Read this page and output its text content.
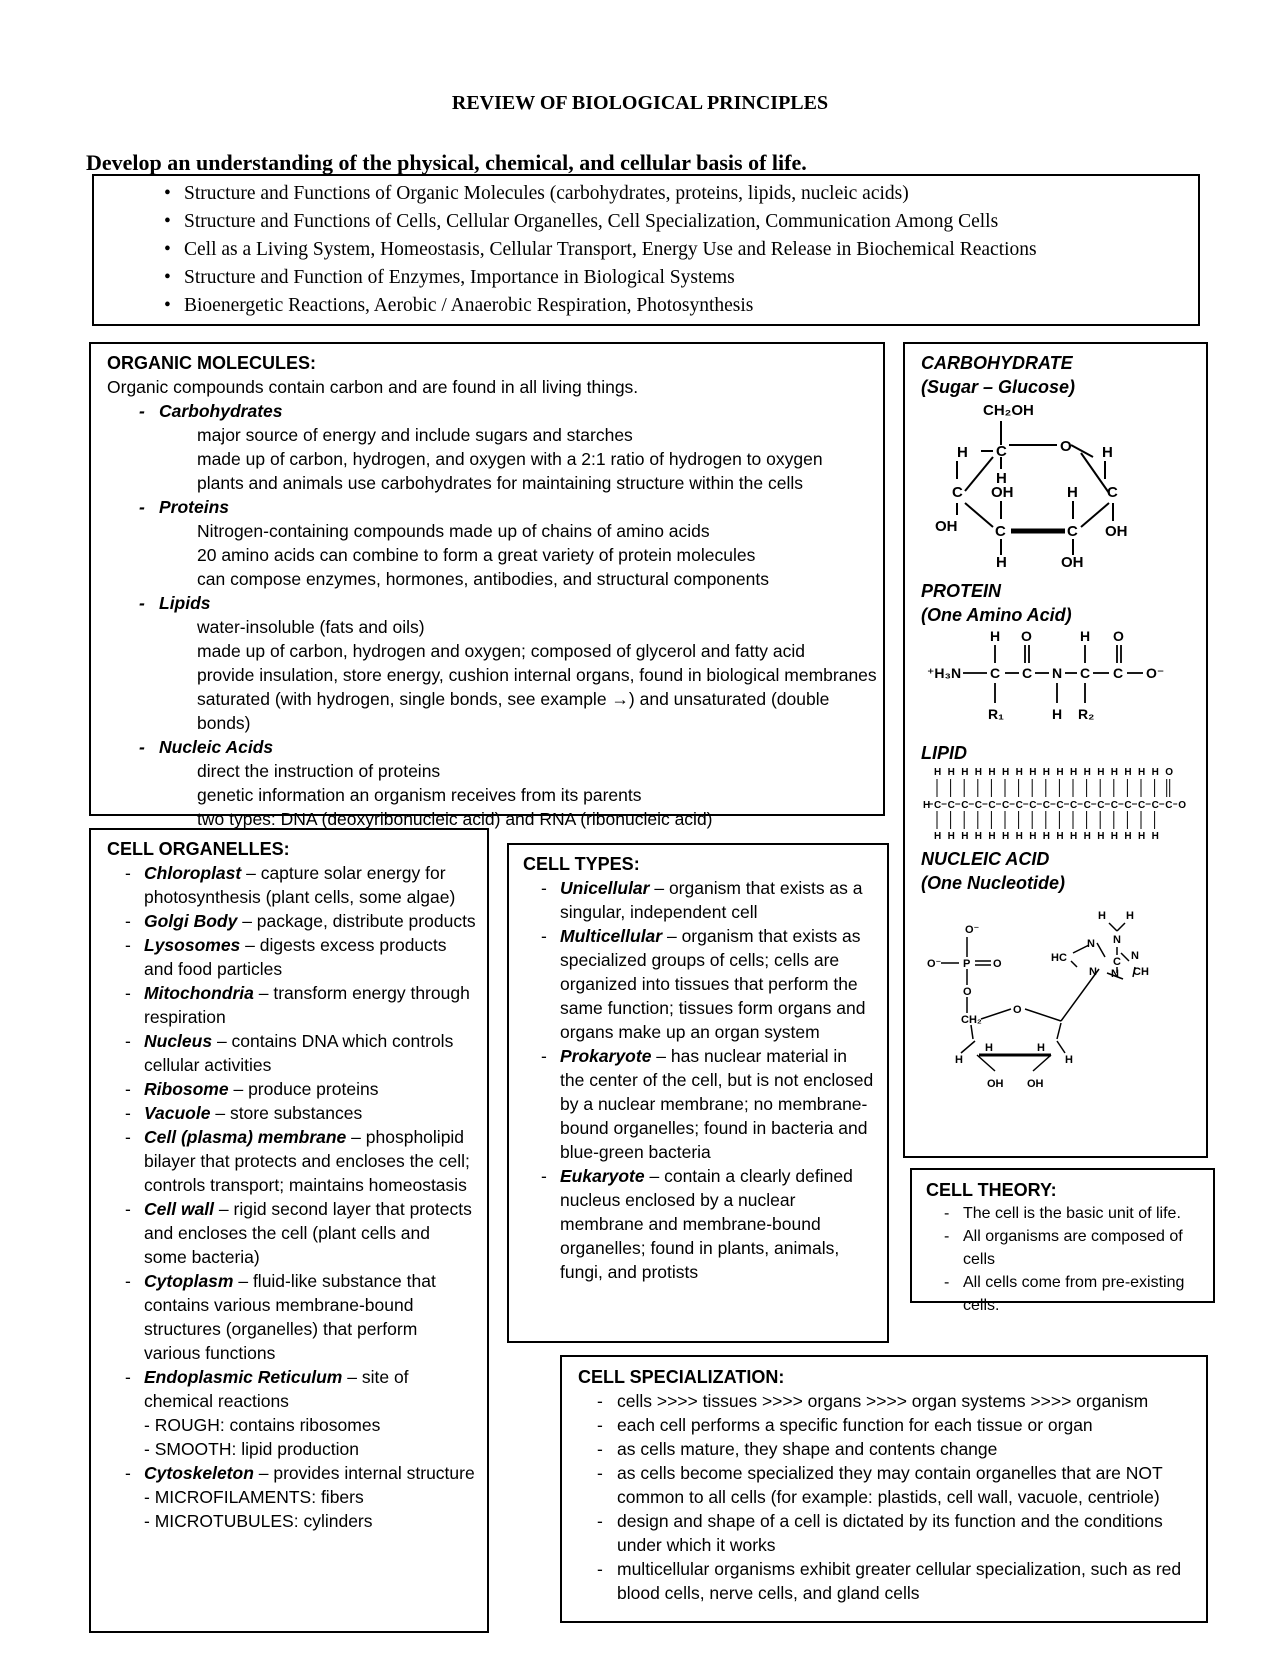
REVIEW OF BIOLOGICAL PRINCIPLES
Develop an understanding of the physical, chemical, and cellular basis of life.
• Structure and Functions of Organic Molecules (carbohydrates, proteins, lipids, nucleic acids)
• Structure and Functions of Cells, Cellular Organelles, Cell Specialization, Communication Among Cells
• Cell as a Living System, Homeostasis, Cellular Transport, Energy Use and Release in Biochemical Reactions
• Structure and Function of Enzymes, Importance in Biological Systems
• Bioenergetic Reactions, Aerobic / Anaerobic Respiration, Photosynthesis
ORGANIC MOLECULES:
Organic compounds contain carbon and are found in all living things.
- Carbohydrates
major source of energy and include sugars and starches
made up of carbon, hydrogen, and oxygen with a 2:1 ratio of hydrogen to oxygen
plants and animals use carbohydrates for maintaining structure within the cells
- Proteins
Nitrogen-containing compounds made up of chains of amino acids
20 amino acids can combine to form a great variety of protein molecules
can compose enzymes, hormones, antibodies, and structural components
- Lipids
water-insoluble (fats and oils)
made up of carbon, hydrogen and oxygen; composed of glycerol and fatty acid
provide insulation, store energy, cushion internal organs, found in biological membranes
saturated (with hydrogen, single bonds, see example →) and unsaturated (double bonds)
- Nucleic Acids
direct the instruction of proteins
genetic information an organism receives from its parents
two types: DNA (deoxyribonucleic acid) and RNA (ribonucleic acid)
CARBOHYDRATE
(Sugar – Glucose)
CH₂OH
H C	O H
H
C	C
OH	H
OH	C	C OH
H	OH
PROTEIN
(One Amino Acid)
H O	H O
⁺H₃N C C N C C O⁻
R₁	H R₂
LIPID
H C
H
H
C
H
H
C
H
H
C
H
H
C
H
H
C
H
H
C
H
H
C
H
H
C
H
H
C
H
H
C
H
H
C
H
H
C
H
H
C
H
H
C
H
H
C
H
H
C
H
H
C
O
O
NUCLEIC ACID
(One Nucleotide)
H H
N
O⁻
O⁻ P O
O
N
C N
HC
N N CH
CH₂
O
H	H
H	H
OH OH
CELL ORGANELLES:
- Chloroplast – capture solar energy for
photosynthesis (plant cells, some algae)
- Golgi Body – package, distribute products
- Lysosomes – digests excess products
and food particles
- Mitochondria – transform energy through
respiration
- Nucleus – contains DNA which controls
cellular activities
- Ribosome – produce proteins
- Vacuole – store substances
- Cell (plasma) membrane – phospholipid
bilayer that protects and encloses the cell;
controls transport; maintains homeostasis
- Cell wall – rigid second layer that protects
and encloses the cell (plant cells and
some bacteria)
- Cytoplasm – fluid-like substance that
contains various membrane-bound
structures (organelles) that perform
various functions
- Endoplasmic Reticulum – site of
chemical reactions
- ROUGH: contains ribosomes
- SMOOTH: lipid production
- Cytoskeleton – provides internal structure
- MICROFILAMENTS: fibers
- MICROTUBULES: cylinders
CELL TYPES:
- Unicellular – organism that exists as a
singular, independent cell
- Multicellular – organism that exists as
specialized groups of cells; cells are
organized into tissues that perform the
same function; tissues form organs and
organs make up an organ system
- Prokaryote – has nuclear material in
the center of the cell, but is not enclosed
by a nuclear membrane; no membrane-
bound organelles; found in bacteria and
blue-green bacteria
- Eukaryote – contain a clearly defined
nucleus enclosed by a nuclear
membrane and membrane-bound
organelles; found in plants, animals,
fungi, and protists
CELL THEORY:
- The cell is the basic unit of life.
- All organisms are composed of cells
- All cells come from pre-existing
cells.
CELL SPECIALIZATION:
- cells >>>> tissues >>>> organs >>>> organ systems >>>> organism
- each cell performs a specific function for each tissue or organ
- as cells mature, they shape and contents change
- as cells become specialized they may contain organelles that are NOT
common to all cells (for example: plastids, cell wall, vacuole, centriole)
- design and shape of a cell is dictated by its function and the conditions
under which it works
- multicellular organisms exhibit greater cellular specialization, such as red
blood cells, nerve cells, and gland cells
